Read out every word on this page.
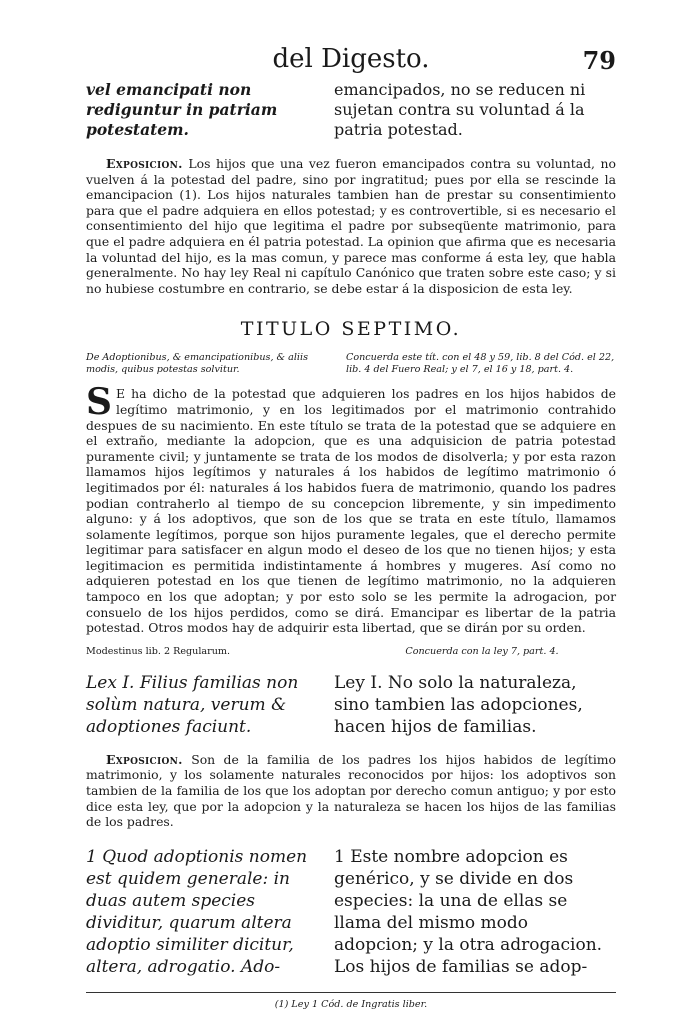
del Digesto.	79
vel emancipati non rediguntur in patriam potestatem.
emancipados, no se reducen ni sujetan contra su voluntad á la patria potestad.

Exposicion. Los hijos que una vez fueron emancipados contra su voluntad, no vuelven á la potestad del padre, sino por ingratitud; pues por ella se rescinde la emancipacion (1). Los hijos naturales tambien han de prestar su consentimiento para que el padre adquiera en ellos potestad; y es controvertible, si es necesario el consentimiento del hijo que legitima el padre por subseqüente matrimonio, para que el padre adquiera en él patria potestad. La opinion que afirma que es necesaria la voluntad del hijo, es la mas comun, y parece mas conforme á esta ley, que habla generalmente. No hay ley Real ni capítulo Canónico que traten sobre este caso; y si no hubiese costumbre en contrario, se debe estar á la disposicion de esta ley.

TITULO SEPTIMO.
De Adoptionibus, & emancipationibus, & aliis modis, quibus potestas solvitur.
Concuerda este tít. con el 48 y 59, lib. 8 del Cód. el 22, lib. 4 del Fuero Real; y el 7, el 16 y 18, part. 4.

S E ha dicho de la potestad que adquieren los padres en los hijos habidos de legítimo matrimonio, y en los legitimados por el matrimonio contrahido despues de su nacimiento. En este título se trata de la potestad que se adquiere en el extraño, mediante la adopcion, que es una adquisicion de patria potestad puramente civil; y juntamente se trata de los modos de disolverla; y por esta razon llamamos hijos legítimos y naturales á los habidos de legítimo matrimonio ó legitimados por él: naturales á los habidos fuera de matrimonio, quando los padres podian contraherlo al tiempo de su concepcion libremente, y sin impedimento alguno: y á los adoptivos, que son de los que se trata en este título, llamamos solamente legítimos, porque son hijos puramente legales, que el derecho permite legitimar para satisfacer en algun modo el deseo de los que no tienen hijos; y esta legitimacion es permitida indistintamente á hombres y mugeres. Así como no adquieren potestad en los que tienen de legítimo matrimonio, no la adquieren tampoco en los que adoptan; y por esto solo se les permite la adrogacion, por consuelo de los hijos perdidos, como se dirá. Emancipar es libertar de la patria potestad. Otros modos hay de adquirir esta libertad, que se dirán por su orden.

Modestinus lib. 2 Regularum.	Concuerda con la ley 7, part. 4.
Lex I. Filius familias non solùm natura, verum & adoptiones faciunt.
Ley I. No solo la naturaleza, sino tambien las adopciones, hacen hijos de familias.

Exposicion. Son de la familia de los padres los hijos habidos de legítimo matrimonio, y los solamente naturales reconocidos por hijos: los adoptivos son tambien de la familia de los que los adoptan por derecho comun antiguo; y por esto dice esta ley, que por la adopcion y la naturaleza se hacen los hijos de las familias de los padres.

1 Quod adoptionis nomen est quidem generale: in duas autem species dividitur, quarum altera adoptio similiter dicitur, altera, adrogatio. Ado-
1 Este nombre adopcion es genérico, y se divide en dos especies: la una de ellas se llama del mismo modo adopcion; y la otra adrogacion. Los hijos de familias se adop-
(1) Ley 1 Cód. de Ingratis liber.
